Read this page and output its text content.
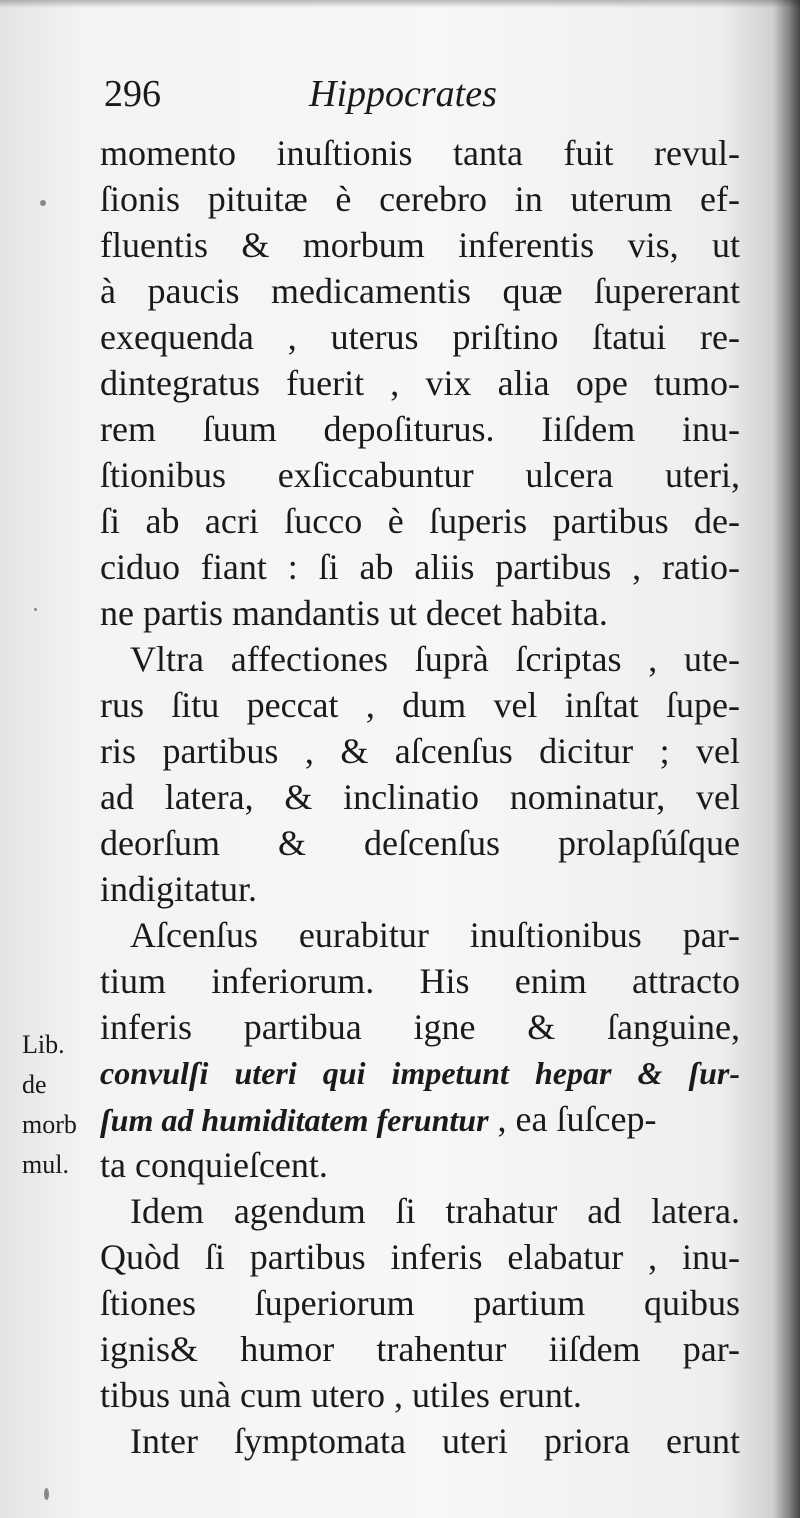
296	Hippocrates
momento inuſtionis tanta fuit revul-
ſionis pituitæ è cerebro in uterum ef-
fluentis & morbum inferentis vis, ut
à paucis medicamentis quæ ſupererant
exequenda , uterus priſtino ſtatui re-
dintegratus fuerit , vix alia ope tumo-
rem ſuum depoſiturus. Iiſdem inu-
ſtionibus exſiccabuntur ulcera uteri,
ſi ab acri ſucco è ſuperis partibus de-
ciduo fiant : ſi ab aliis partibus , ratio-
ne partis mandantis ut decet habita.
Vltra affectiones ſuprà ſcriptas , ute-
rus ſitu peccat , dum vel inſtat ſupe-
ris partibus , & aſcenſus dicitur ; vel
ad latera, & inclinatio nominatur, vel
deorſum & deſcenſus prolapſúſque
indigitatur.
Aſcenſus eurabitur inuſtionibus par-
tium inferiorum. His enim attracto
inferis partibua igne & ſanguine,
convulſi uteri qui impetunt hepar & ſur-
ſum ad humiditatem feruntur , ea ſuſcep-
ta conquieſcent.
Idem agendum ſi trahatur ad latera.
Quòd ſi partibus inferis elabatur , inu-
ſtiones ſuperiorum partium quibus
ignis& humor trahentur iiſdem par-
tibus unà cum utero , utiles erunt.
Inter ſymptomata uteri priora erunt
Lib.
de
morb
mul.
